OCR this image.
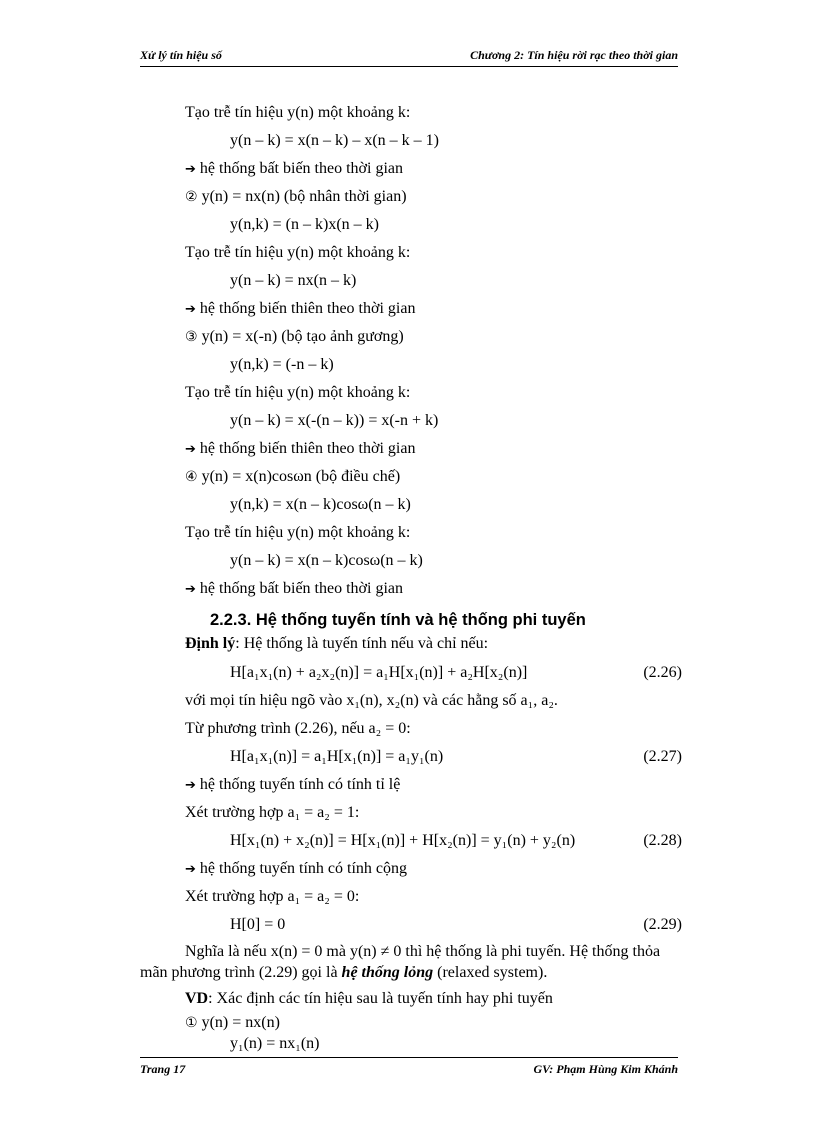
Xử lý tín hiệu số	Chương 2: Tín hiệu rời rạc theo thời gian
Tạo trễ tín hiệu y(n) một khoảng k:
y(n – k) = x(n – k) – x(n – k – 1)
➔ hệ thống bất biến theo thời gian
② y(n) = nx(n) (bộ nhân thời gian)
y(n,k) = (n – k)x(n – k)
Tạo trễ tín hiệu y(n) một khoảng k:
y(n – k) = nx(n – k)
➔ hệ thống biến thiên theo thời gian
③ y(n) = x(-n) (bộ tạo ảnh gương)
y(n,k) = (-n – k)
Tạo trễ tín hiệu y(n) một khoảng k:
y(n – k) = x(-(n – k)) = x(-n + k)
➔ hệ thống biến thiên theo thời gian
④ y(n) = x(n)cosωn (bộ điều chế)
y(n,k) = x(n – k)cosω(n – k)
Tạo trễ tín hiệu y(n) một khoảng k:
y(n – k) = x(n – k)cosω(n – k)
➔ hệ thống bất biến theo thời gian
2.2.3. Hệ thống tuyến tính và hệ thống phi tuyến
Định lý: Hệ thống là tuyến tính nếu và chỉ nếu:
H[a₁x₁(n) + a₂x₂(n)] = a₁H[x₁(n)] + a₂H[x₂(n)]	(2.26)
với mọi tín hiệu ngõ vào x₁(n), x₂(n) và các hằng số a₁, a₂.
Từ phương trình (2.26), nếu a₂ = 0:
H[a₁x₁(n)] = a₁H[x₁(n)] = a₁y₁(n)	(2.27)
➔ hệ thống tuyến tính có tính tỉ lệ
Xét trường hợp a₁ = a₂ = 1:
H[x₁(n) + x₂(n)] = H[x₁(n)] + H[x₂(n)] = y₁(n) + y₂(n)	(2.28)
➔ hệ thống tuyến tính có tính cộng
Xét trường hợp a₁ = a₂ = 0:
H[0] = 0	(2.29)
Nghĩa là nếu x(n) = 0 mà y(n) ≠ 0 thì hệ thống là phi tuyến. Hệ thống thỏa mãn phương trình (2.29) gọi là hệ thống lỏng (relaxed system).
VD: Xác định các tín hiệu sau là tuyến tính hay phi tuyến
① y(n) = nx(n)
y₁(n) = nx₁(n)
Trang 17	GV: Phạm Hùng Kim Khánh
